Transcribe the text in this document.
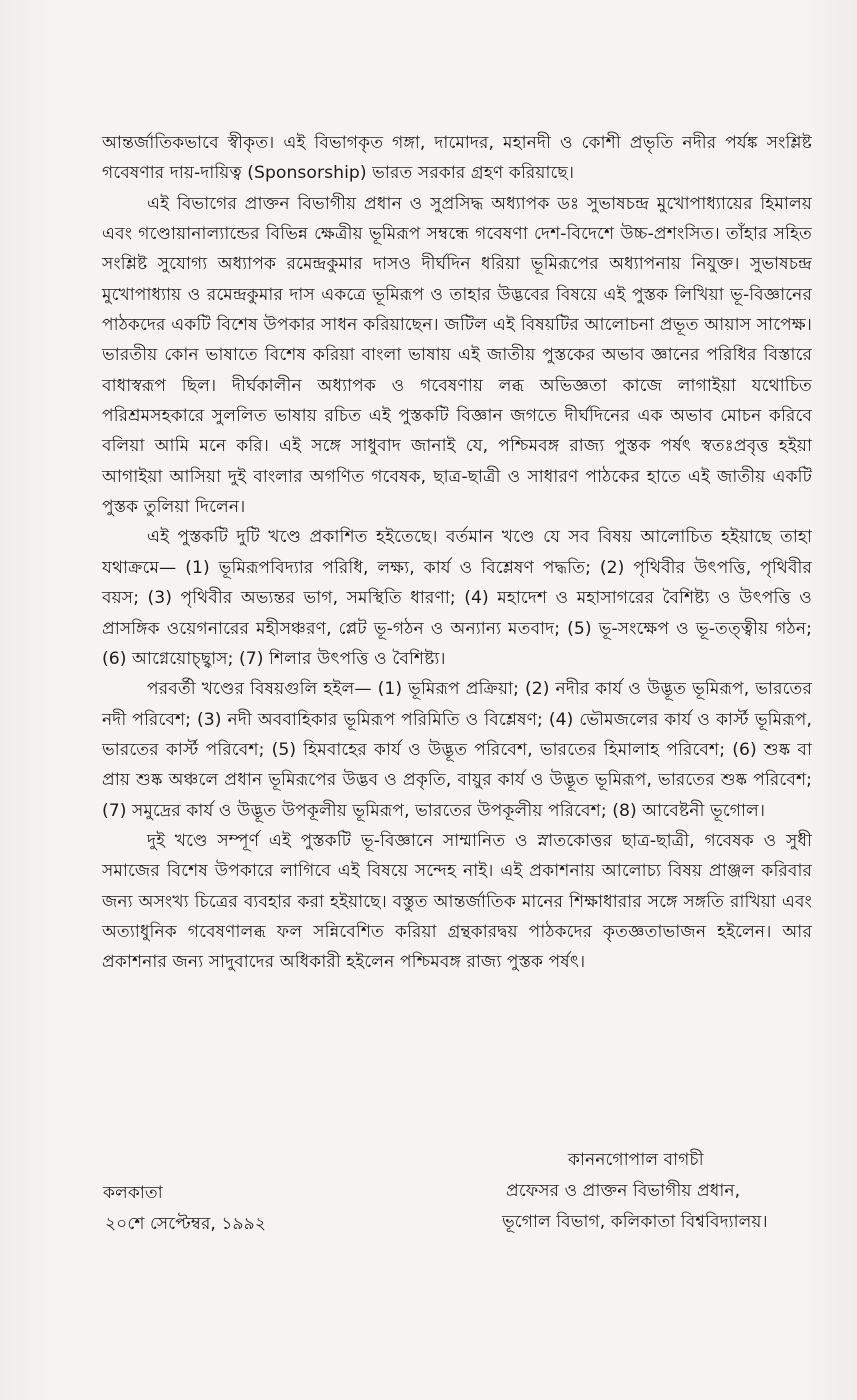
আন্তর্জাতিকভাবে স্বীকৃত। এই বিভাগকৃত গঙ্গা, দামোদর, মহানদী ও কোশী প্রভৃতি নদীর পর্যঙ্ক সংশ্লিষ্ট গবেষণার দায়-দায়িত্ব (Sponsorship) ভারত সরকার গ্রহণ করিয়াছে।

এই বিভাগের প্রাক্তন বিভাগীয় প্রধান ও সুপ্রসিদ্ধ অধ্যাপক ডঃ সুভাষচন্দ্র মুখোপাধ্যায়ের হিমালয় এবং গণ্ডোয়ানাল্যান্ডের বিভিন্ন ক্ষেত্রীয় ভূমিরূপ সম্বন্ধে গবেষণা দেশ-বিদেশে উচ্চ-প্রশংসিত। তাঁহার সহিত সংশ্লিষ্ট সুযোগ্য অধ্যাপক রমেন্দ্রকুমার দাসও দীর্ঘদিন ধরিয়া ভূমিরূপের অধ্যাপনায় নিযুক্ত। সুভাষচন্দ্র মুখোপাধ্যায় ও রমেন্দ্রকুমার দাস একত্রে ভূমিরূপ ও তাহার উদ্ভবের বিষয়ে এই পুস্তক লিখিয়া ভূ-বিজ্ঞানের পাঠকদের একটি বিশেষ উপকার সাধন করিয়াছেন। জটিল এই বিষয়টির আলোচনা প্রভূত আয়াস সাপেক্ষ। ভারতীয় কোন ভাষাতে বিশেষ করিয়া বাংলা ভাষায় এই জাতীয় পুস্তকের অভাব জ্ঞানের পরিধির বিস্তারে বাধাস্বরূপ ছিল। দীর্ঘকালীন অধ্যাপক ও গবেষণায় লব্ধ অভিজ্ঞতা কাজে লাগাইয়া যথোচিত পরিশ্রমসহকারে সুললিত ভাষায় রচিত এই পুস্তকটি বিজ্ঞান জগতে দীর্ঘদিনের এক অভাব মোচন করিবে বলিয়া আমি মনে করি। এই সঙ্গে সাধুবাদ জানাই যে, পশ্চিমবঙ্গ রাজ্য পুস্তক পর্ষৎ স্বতঃপ্রবৃত্ত হইয়া আগাইয়া আসিয়া দুই বাংলার অগণিত গবেষক, ছাত্র-ছাত্রী ও সাধারণ পাঠকের হাতে এই জাতীয় একটি পুস্তক তুলিয়া দিলেন।

এই পুস্তকটি দুটি খণ্ডে প্রকাশিত হইতেছে। বর্তমান খণ্ডে যে সব বিষয় আলোচিত হইয়াছে তাহা যথাক্রমে— (1) ভূমিরূপবিদ্যার পরিধি, লক্ষ্য, কার্য ও বিশ্লেষণ পদ্ধতি; (2) পৃথিবীর উৎপত্তি, পৃথিবীর বয়স; (3) পৃথিবীর অভ্যন্তর ভাগ, সমস্থিতি ধারণা; (4) মহাদেশ ও মহাসাগরের বৈশিষ্ট্য ও উৎপত্তি ও প্রাসঙ্গিক ওয়েগনারের মহীসঞ্চরণ, প্লেট ভূ-গঠন ও অন্যান্য মতবাদ; (5) ভূ-সংক্ষেপ ও ভূ-তত্ত্বীয় গঠন; (6) আগ্নেয়োচ্ছ্বাস; (7) শিলার উৎপত্তি ও বৈশিষ্ট্য।

পরবর্তী খণ্ডের বিষয়গুলি হইল— (1) ভূমিরূপ প্রক্রিয়া; (2) নদীর কার্য ও উদ্ভূত ভূমিরূপ, ভারতের নদী পরিবেশ; (3) নদী অববাহিকার ভূমিরূপ পরিমিতি ও বিশ্লেষণ; (4) ভৌমজলের কার্য ও কার্স্ট ভূমিরূপ, ভারতের কার্স্ট পরিবেশ; (5) হিমবাহের কার্য ও উদ্ভূত পরিবেশ, ভারতের হিমালাহ পরিবেশ; (6) শুষ্ক বা প্রায় শুষ্ক অঞ্চলে প্রধান ভূমিরূপের উদ্ভব ও প্রকৃতি, বায়ুর কার্য ও উদ্ভূত ভূমিরূপ, ভারতের শুষ্ক পরিবেশ; (7) সমুদ্রের কার্য ও উদ্ভূত উপকূলীয় ভূমিরূপ, ভারতের উপকূলীয় পরিবেশ; (8) আবেষ্টনী ভূগোল।

দুই খণ্ডে সম্পূর্ণ এই পুস্তকটি ভূ-বিজ্ঞানে সাম্মানিত ও স্নাতকোত্তর ছাত্র-ছাত্রী, গবেষক ও সুধী সমাজের বিশেষ উপকারে লাগিবে এই বিষয়ে সন্দেহ নাই। এই প্রকাশনায় আলোচ্য বিষয় প্রাঞ্জল করিবার জন্য অসংখ্য চিত্রের ব্যবহার করা হইয়াছে। বস্তুত আন্তর্জাতিক মানের শিক্ষাধারার সঙ্গে সঙ্গতি রাখিয়া এবং অত্যাধুনিক গবেষণালব্ধ ফল সন্নিবেশিত করিয়া গ্রন্থকারদ্বয় পাঠকদের কৃতজ্ঞতাভাজন হইলেন। আর প্রকাশনার জন্য সাদুবাদের অধিকারী হইলেন পশ্চিমবঙ্গ রাজ্য পুস্তক পর্ষৎ।

কাননগোপাল বাগচী
প্রফেসর ও প্রাক্তন বিভাগীয় প্রধান,
ভূগোল বিভাগ, কলিকাতা বিশ্ববিদ্যালয়।
কলকাতা
২০শে সেপ্টেম্বর, ১৯৯২
